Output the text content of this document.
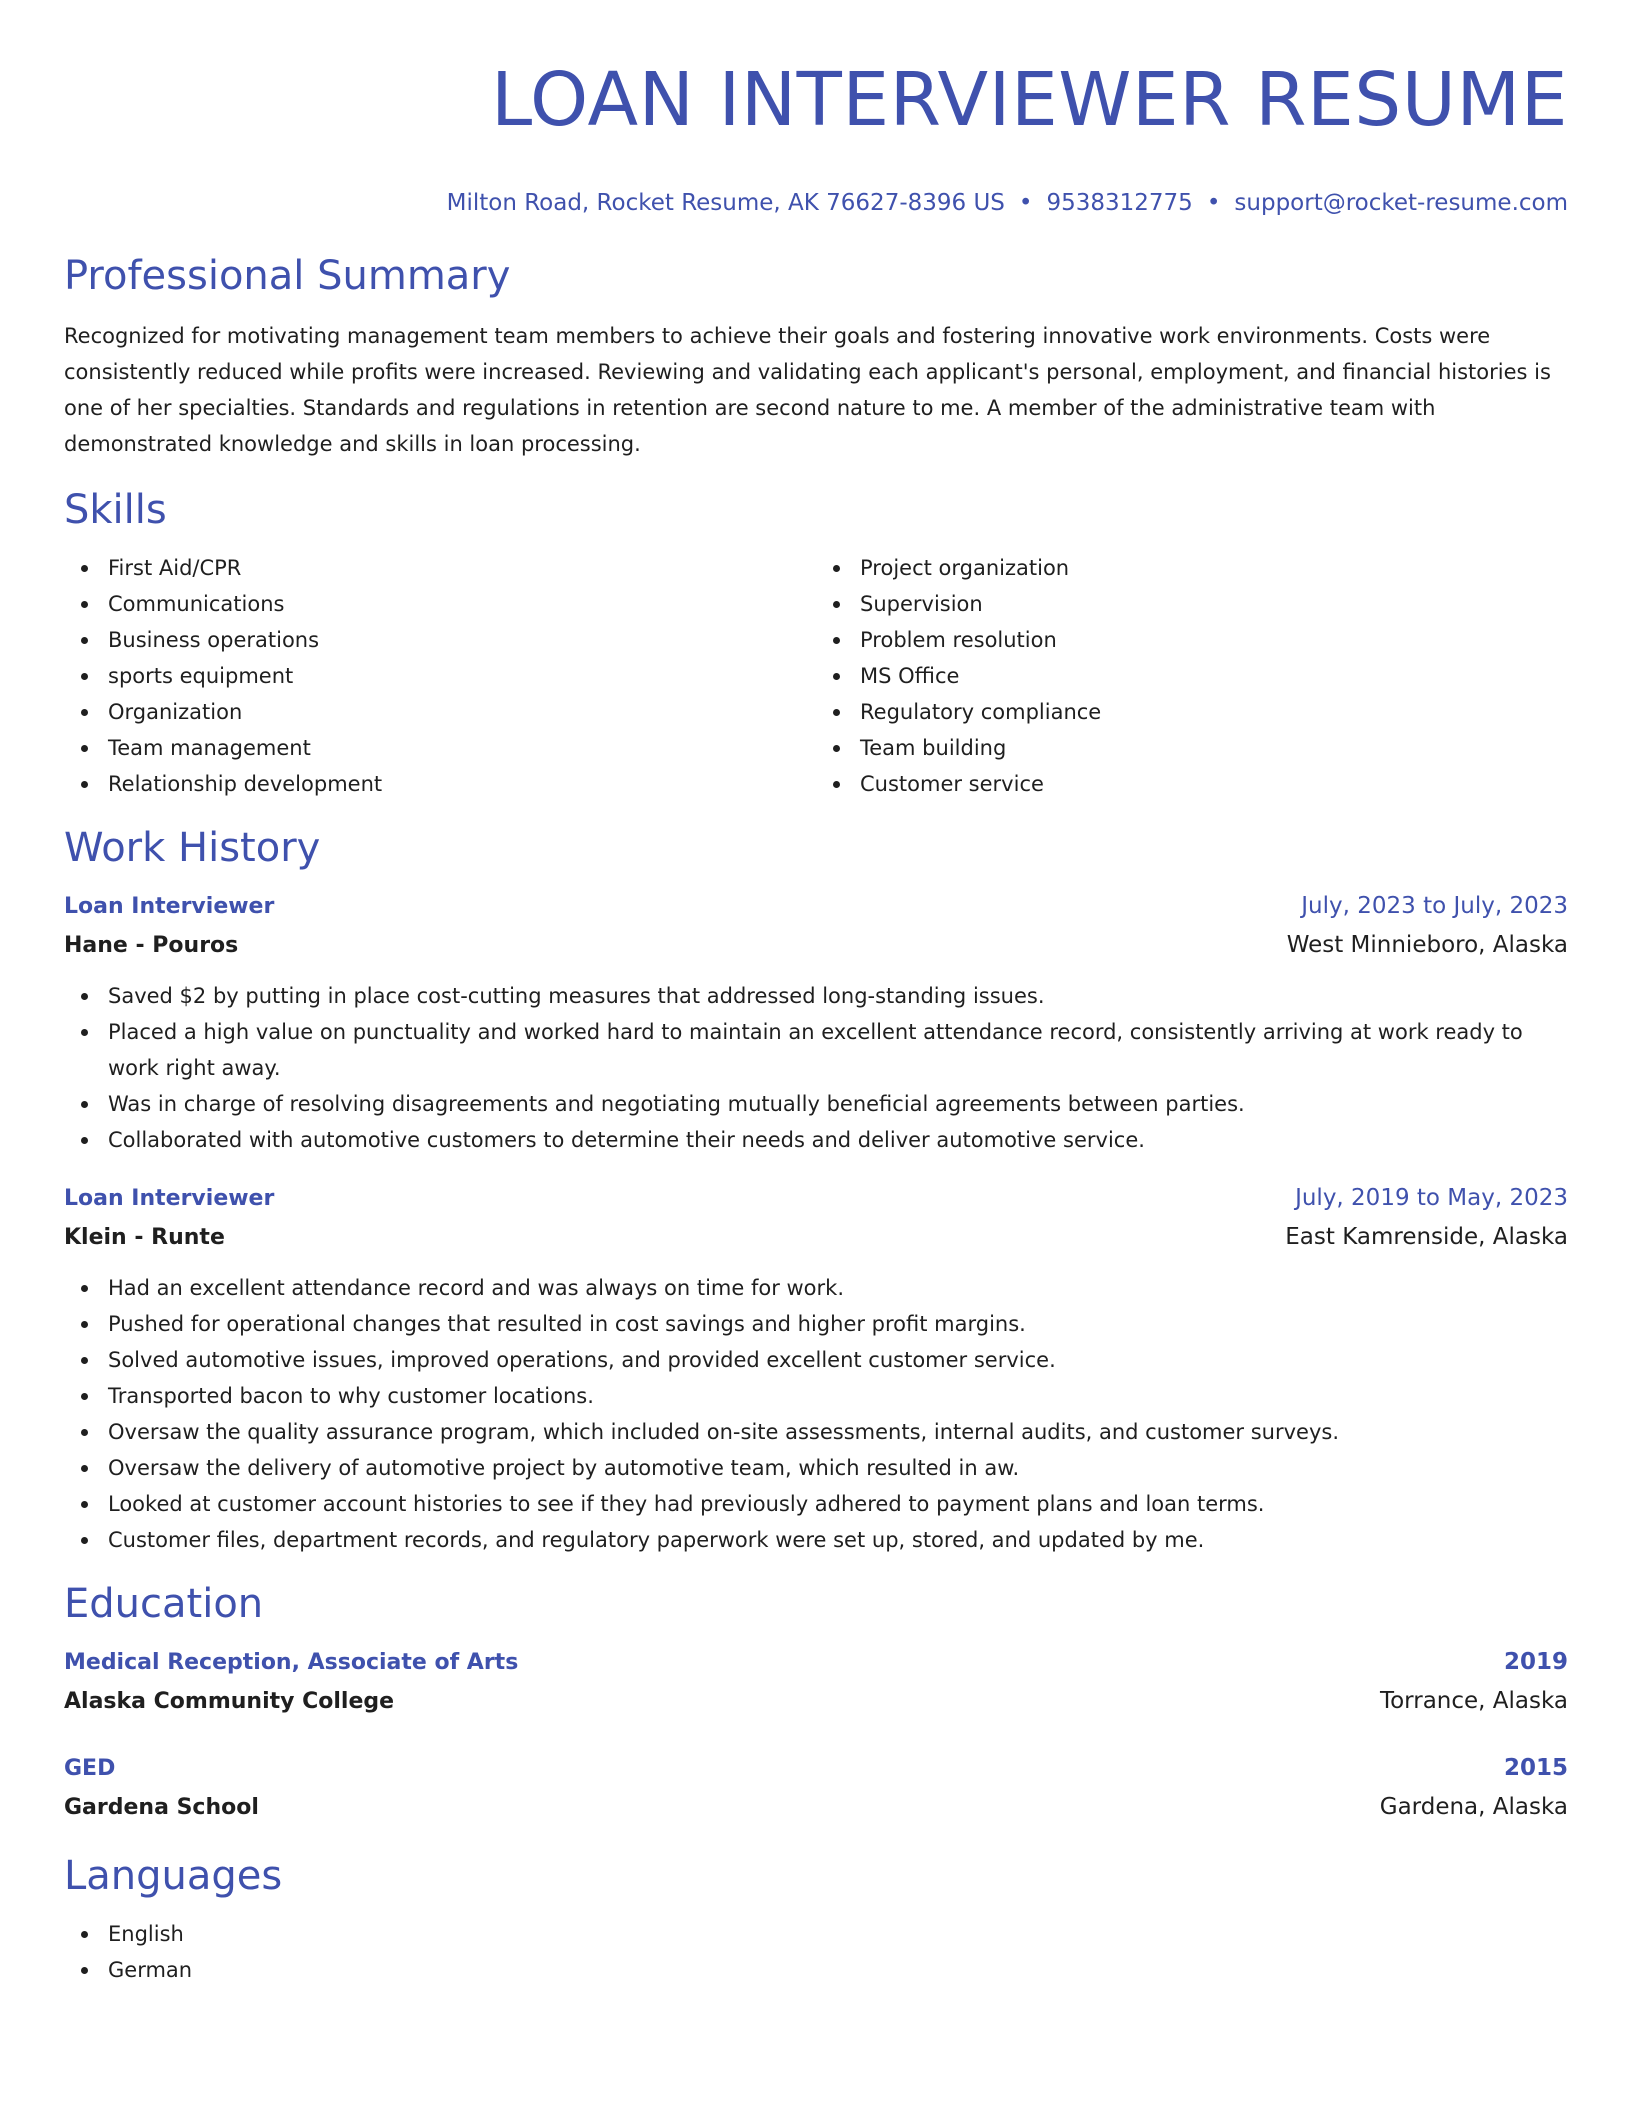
LOAN INTERVIEWER RESUME
Milton Road, Rocket Resume, AK 76627-8396 US • 9538312775 • support@rocket-resume.com
Professional Summary

Recognized for motivating management team members to achieve their goals and fostering innovative work environments. Costs were consistently reduced while profits were increased. Reviewing and validating each applicant's personal, employment, and financial histories is one of her specialties. Standards and regulations in retention are second nature to me. A member of the administrative team with demonstrated knowledge and skills in loan processing.

Skills
First Aid/CPR
Communications
Business operations
sports equipment
Organization
Team management
Relationship development
Project organization
Supervision
Problem resolution
MS Office
Regulatory compliance
Team building
Customer service
Work History
Loan Interviewer	July, 2023 to July, 2023
Hane - Pouros	West Minnieboro, Alaska
Saved $2 by putting in place cost-cutting measures that addressed long-standing issues.
Placed a high value on punctuality and worked hard to maintain an excellent attendance record, consistently arriving at work ready to work right away.
Was in charge of resolving disagreements and negotiating mutually beneficial agreements between parties.
Collaborated with automotive customers to determine their needs and deliver automotive service.
Loan Interviewer	July, 2019 to May, 2023
Klein - Runte	East Kamrenside, Alaska
Had an excellent attendance record and was always on time for work.
Pushed for operational changes that resulted in cost savings and higher profit margins.
Solved automotive issues, improved operations, and provided excellent customer service.
Transported bacon to why customer locations.
Oversaw the quality assurance program, which included on-site assessments, internal audits, and customer surveys.
Oversaw the delivery of automotive project by automotive team, which resulted in aw.
Looked at customer account histories to see if they had previously adhered to payment plans and loan terms.
Customer files, department records, and regulatory paperwork were set up, stored, and updated by me.
Education
Medical Reception, Associate of Arts	2019
Alaska Community College	Torrance, Alaska
GED	2015
Gardena School	Gardena, Alaska
Languages
English
German
